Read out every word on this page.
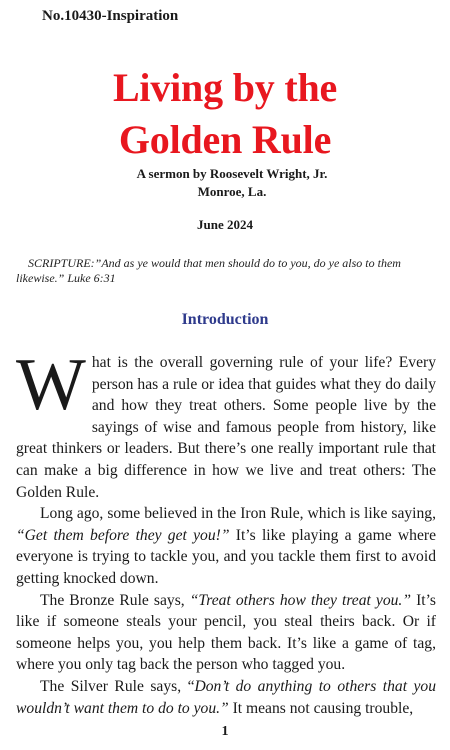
No.10430-Inspiration
Living by the
Golden Rule
A sermon by Roosevelt Wright, Jr.
Monroe, La.
June 2024
SCRIPTURE:”And as ye would that men should do to you, do ye also to them likewise.” Luke 6:31
Introduction

What is the overall governing rule of your life? Every person has a rule or idea that guides what they do daily and how they treat others. Some people live by the sayings of wise and famous people from history, like great thinkers or leaders. But there’s one really important rule that can make a big difference in how we live and treat others: The Golden Rule.

Long ago, some believed in the Iron Rule, which is like saying, “Get them before they get you!” It’s like playing a game where everyone is trying to tackle you, and you tackle them first to avoid getting knocked down.

The Bronze Rule says, “Treat others how they treat you.” It’s like if someone steals your pencil, you steal theirs back. Or if someone helps you, you help them back. It’s like a game of tag, where you only tag back the person who tagged you.

The Silver Rule says, “Don’t do anything to others that you wouldn’t want them to do to you.” It means not causing trouble,

1
